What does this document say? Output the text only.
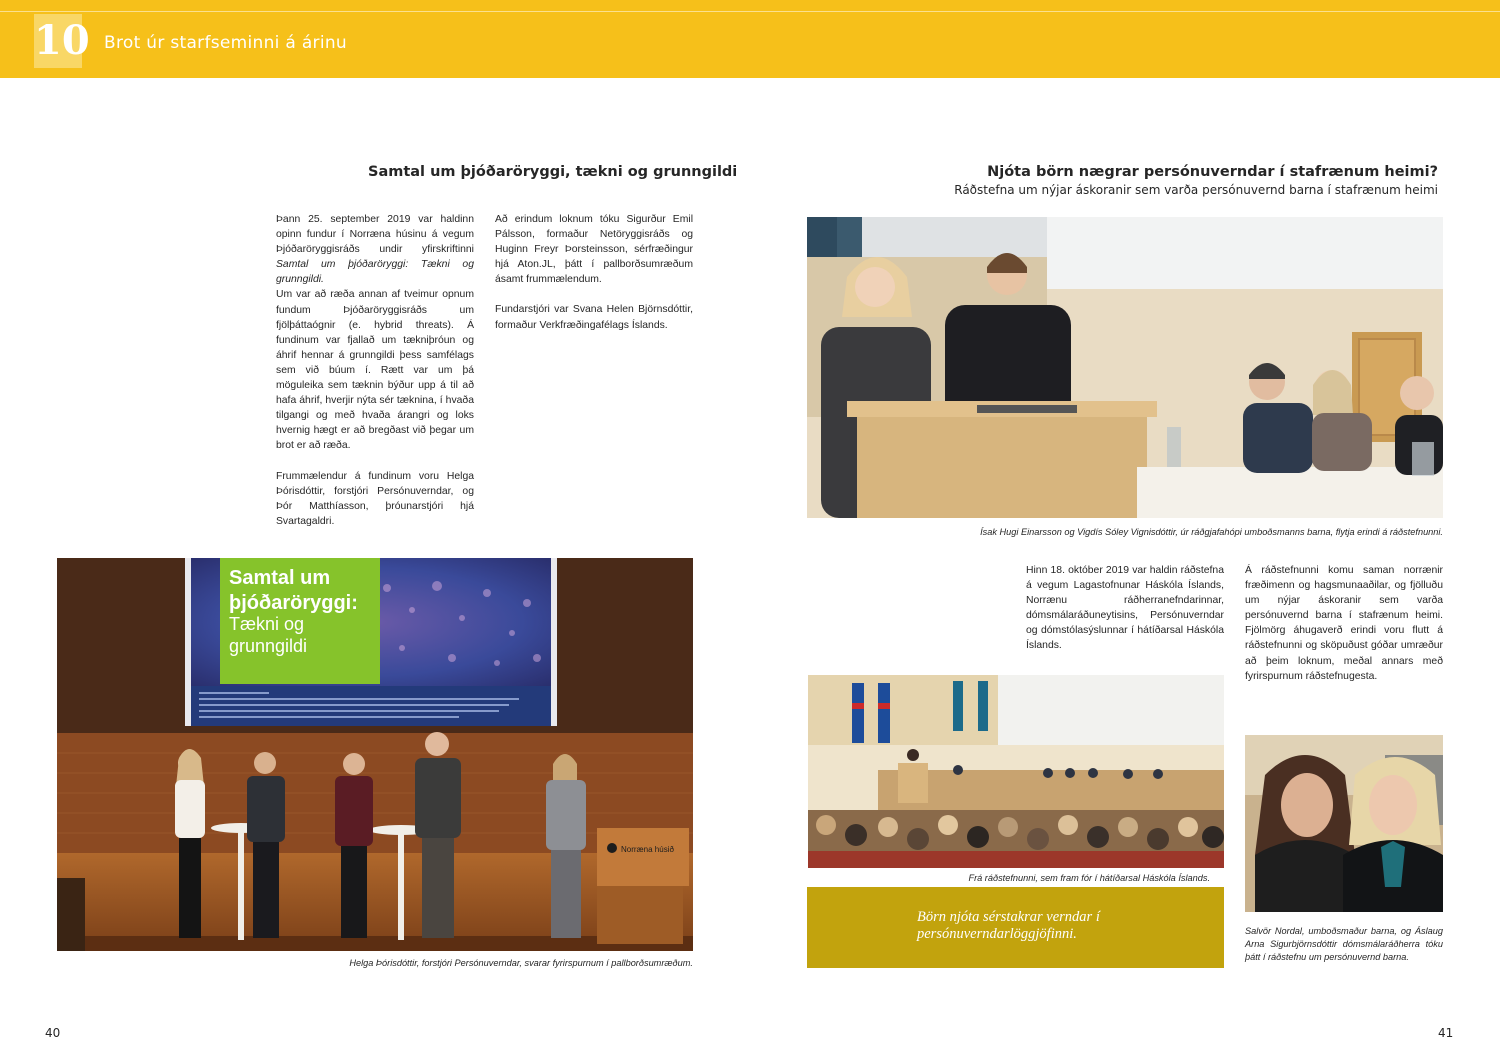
10 Brot úr starfseminni á árinu
Samtal um þjóðaröryggi, tækni og grunngildi

Þann 25. september 2019 var haldinn opinn fundur í Norræna húsinu á vegum Þjóðaröryggisráðs undir yfirskriftinni Samtal um þjóðaröryggi: Tækni og grunngildi.

Um var að ræða annan af tveimur opnum fundum Þjóðaröryggisráðs um fjölþáttaógnir (e. hybrid threats). Á fundinum var fjallað um tækniþróun og áhrif hennar á grunngildi þess samfélags sem við búum í. Rætt var um þá möguleika sem tæknin býður upp á til að hafa áhrif, hverjir nýta sér tæknina, í hvaða tilgangi og með hvaða árangri og loks hvernig hægt er að bregðast við þegar um brot er að ræða.

Frummælendur á fundinum voru Helga Þórisdóttir, forstjóri Persónuverndar, og Þór Matthíasson, þróunarstjóri hjá Svartagaldri.

Að erindum loknum tóku Sigurður Emil Pálsson, formaður Netöryggisráðs og Huginn Freyr Þorsteinsson, sérfræðingur hjá Aton.JL, þátt í pallborðsumræðum ásamt frummælendum.

Fundarstjóri var Svana Helen Björnsdóttir, formaður Verkfræðingafélags Íslands.

Samtal um
þjóðaröryggi:
Tækni og
grunngildi
Norræna húsið
Helga Þórisdóttir, forstjóri Persónuverndar, svarar fyrirspurnum í pallborðsumræðum.
40
Njóta börn nægrar persónuverndar í stafrænum heimi?
Ráðstefna um nýjar áskoranir sem varða persónuvernd barna í stafrænum heimi
Ísak Hugi Einarsson og Vigdís Sóley Vignisdóttir, úr ráðgjafahópi umboðsmanns barna, flytja erindi á ráðstefnunni.
Hinn 18. október 2019 var haldin ráðstefna á vegum Lagastofnunar Háskóla Íslands, Norrænu ráðherranefndarinnar, dómsmálaráðuneytisins, Persónuverndar og dómstólasýslunnar í hátíðarsal Háskóla Íslands.
Á ráðstefnunni komu saman norrænir fræðimenn og hagsmunaaðilar, og fjölluðu um nýjar áskoranir sem varða persónuvernd barna í stafrænum heimi. Fjölmörg áhugaverð erindi voru flutt á ráðstefnunni og sköpuðust góðar umræður að þeim loknum, meðal annars með fyrirspurnum ráðstefnugesta.
Frá ráðstefnunni, sem fram fór í hátíðarsal Háskóla Íslands.
Börn njóta sérstakrar verndar í persónuverndarlöggjöfinni.	Salvör Nordal, umboðsmaður barna, og Áslaug Arna Sigurbjörnsdóttir dómsmálaráðherra tóku þátt í ráðstefnu um persónuvernd barna.
41
